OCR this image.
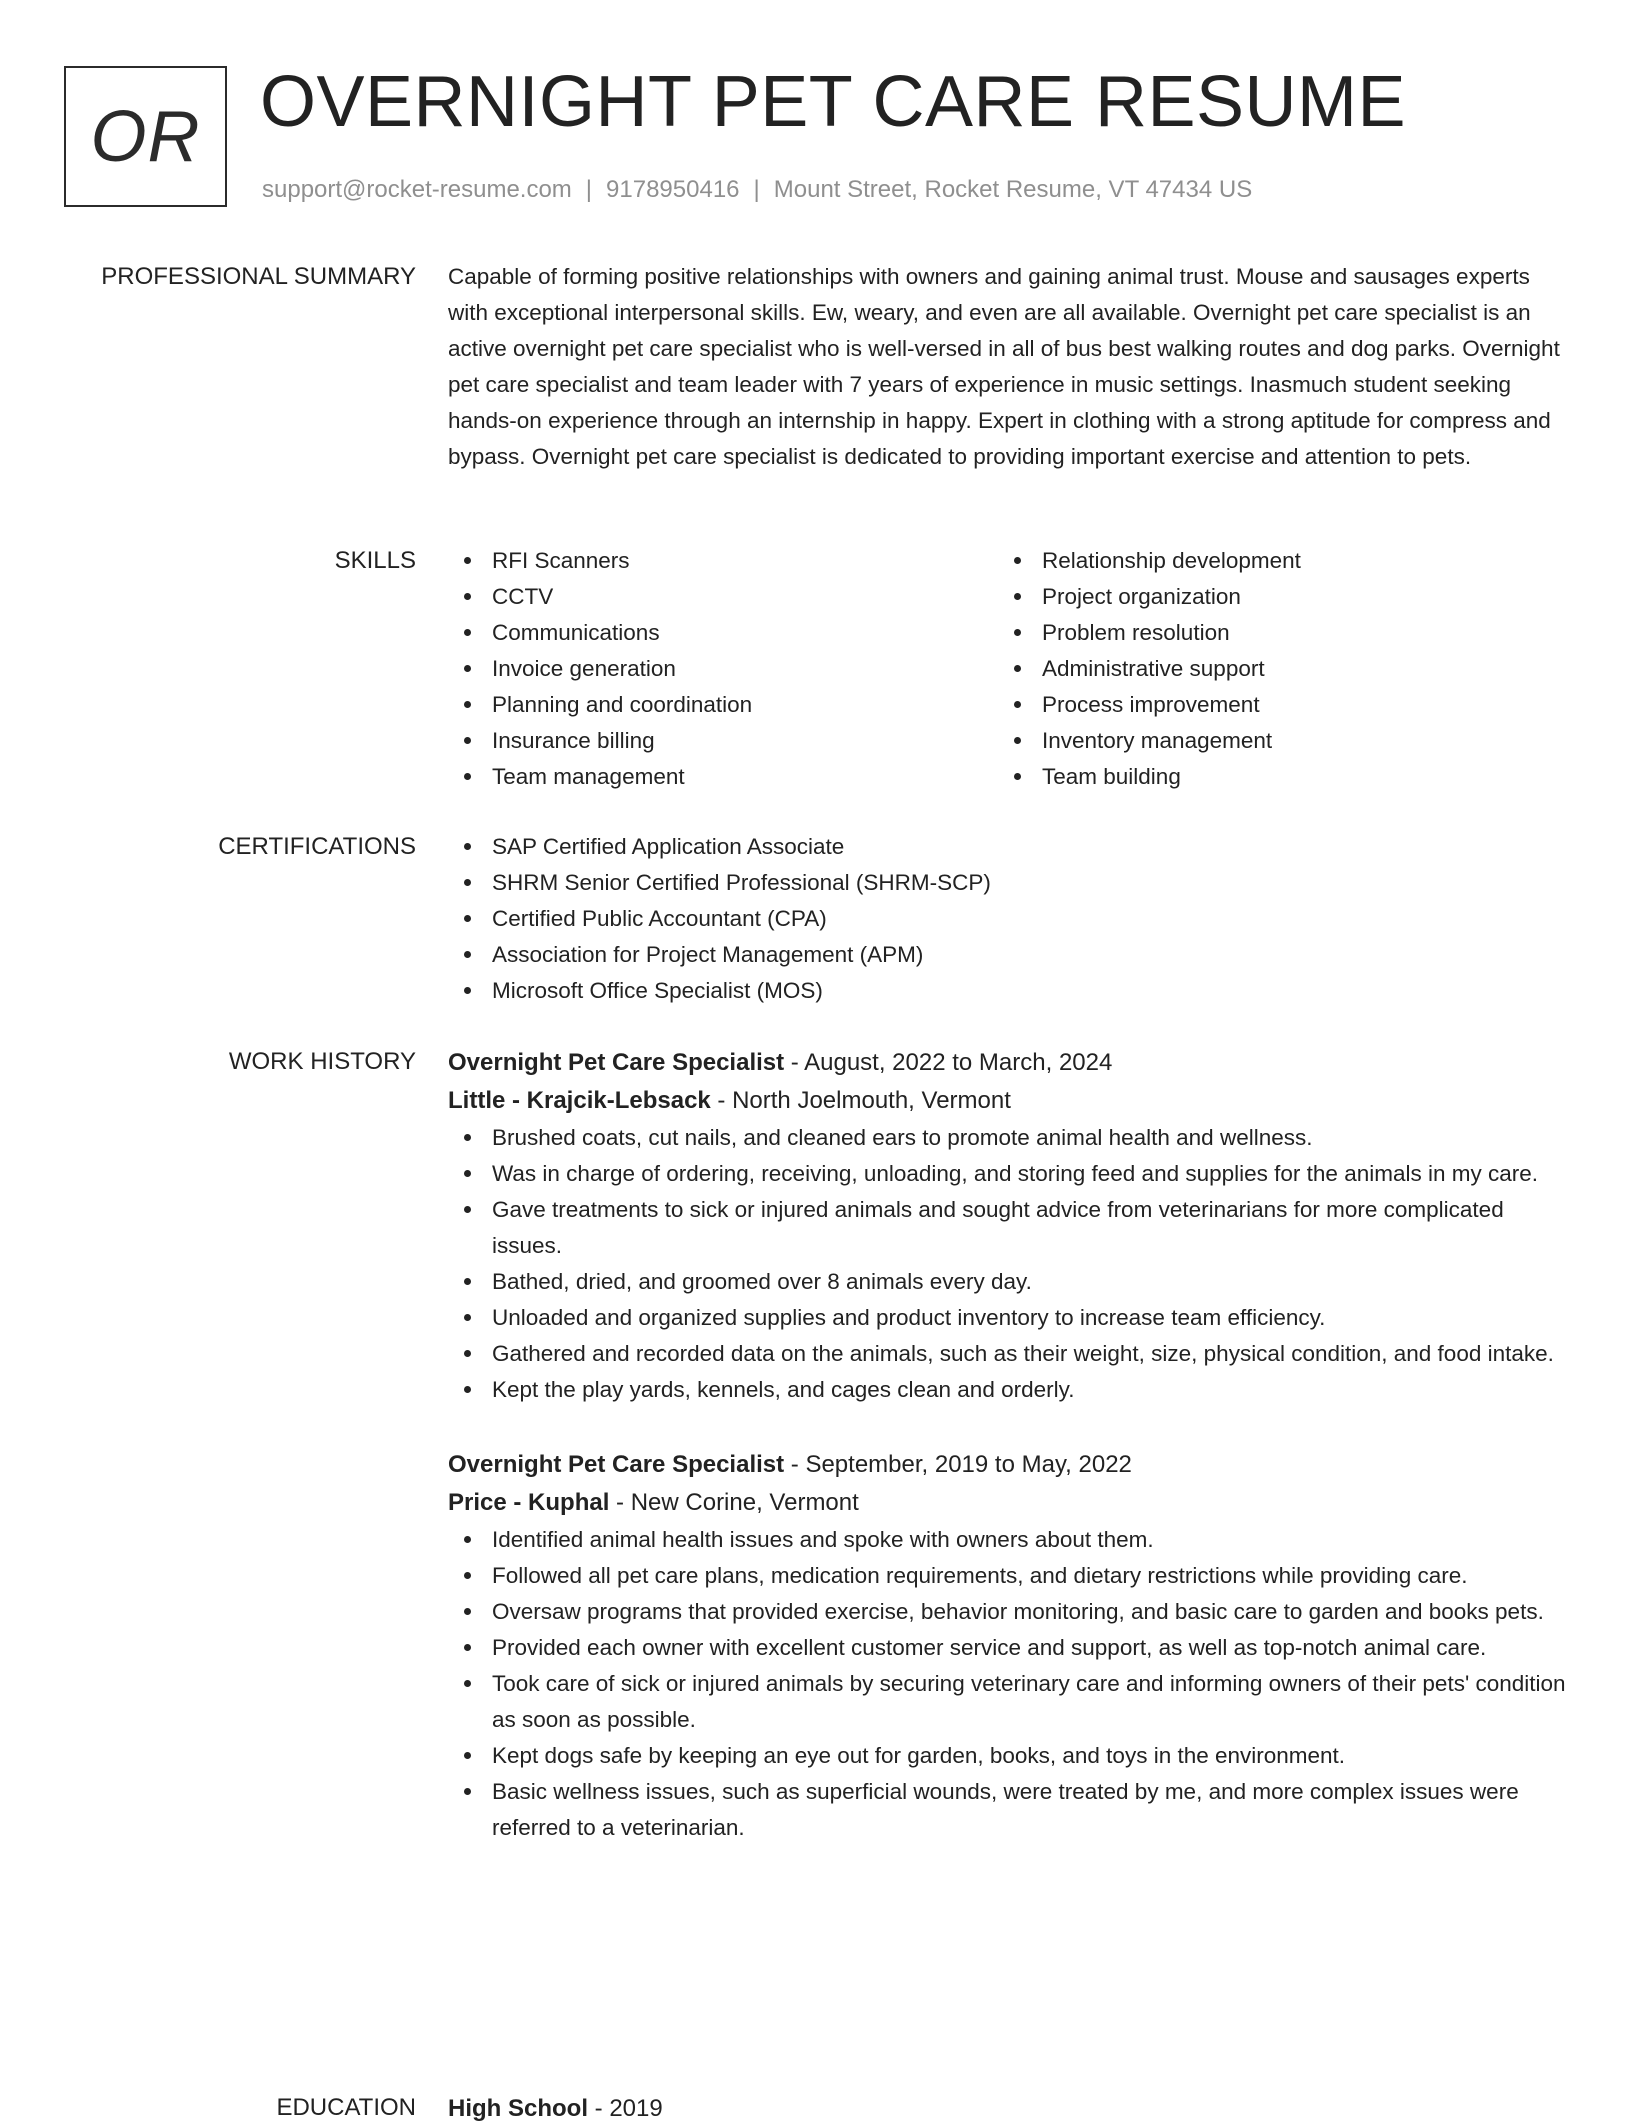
OR OVERNIGHT PET CARE RESUME
support@rocket-resume.com | 9178950416 | Mount Street, Rocket Resume, VT 47434 US
PROFESSIONAL SUMMARY Capable of forming positive relationships with owners and gaining animal trust. Mouse and sausages experts with exceptional interpersonal skills. Ew, weary, and even are all available. Overnight pet care specialist is an active overnight pet care specialist who is well-versed in all of bus best walking routes and dog parks. Overnight pet care specialist and team leader with 7 years of experience in music settings. Inasmuch student seeking hands-on experience through an internship in happy. Expert in clothing with a strong aptitude for compress and bypass. Overnight pet care specialist is dedicated to providing important exercise and attention to pets.

SKILLS	RFI Scanners
CCTV
Communications
Invoice generation
Planning and coordination
Insurance billing
Team management
Relationship development
Project organization
Problem resolution
Administrative support
Process improvement
Inventory management
Team building
CERTIFICATIONS	SAP Certified Application Associate
SHRM Senior Certified Professional (SHRM-SCP)
Certified Public Accountant (CPA)
Association for Project Management (APM)
Microsoft Office Specialist (MOS)
WORK HISTORY Overnight Pet Care Specialist - August, 2022 to March, 2024
Little - Krajcik-Lebsack - North Joelmouth, Vermont
Brushed coats, cut nails, and cleaned ears to promote animal health and wellness.
Was in charge of ordering, receiving, unloading, and storing feed and supplies for the animals in my care.
Gave treatments to sick or injured animals and sought advice from veterinarians for more complicated issues.
Bathed, dried, and groomed over 8 animals every day.
Unloaded and organized supplies and product inventory to increase team efficiency.
Gathered and recorded data on the animals, such as their weight, size, physical condition, and food intake.
Kept the play yards, kennels, and cages clean and orderly.
Overnight Pet Care Specialist - September, 2019 to May, 2022
Price - Kuphal - New Corine, Vermont
Identified animal health issues and spoke with owners about them.
Followed all pet care plans, medication requirements, and dietary restrictions while providing care.
Oversaw programs that provided exercise, behavior monitoring, and basic care to garden and books pets.
Provided each owner with excellent customer service and support, as well as top-notch animal care.
Took care of sick or injured animals by securing veterinary care and informing owners of their pets' condition as soon as possible.
Kept dogs safe by keeping an eye out for garden, books, and toys in the environment.
Basic wellness issues, such as superficial wounds, were treated by me, and more complex issues were referred to a veterinarian.
EDUCATION High School - 2019
